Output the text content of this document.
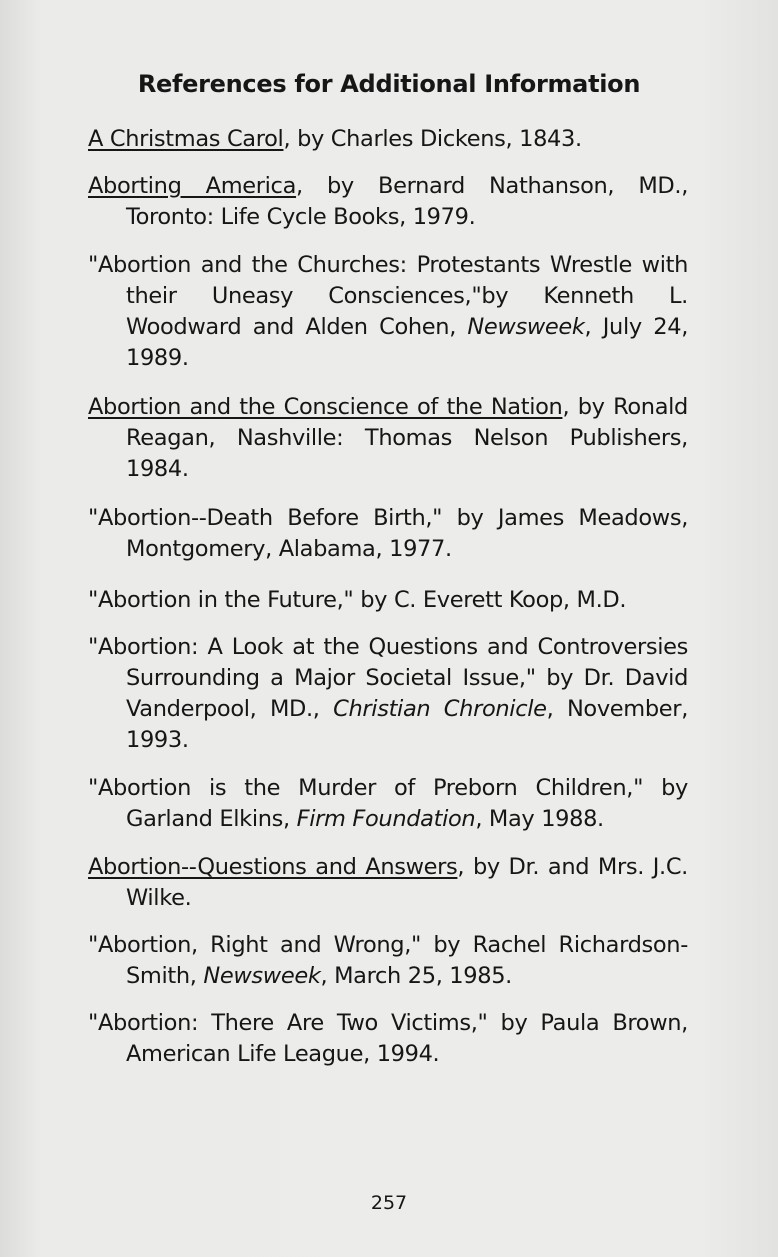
References for Additional Information

A Christmas Carol, by Charles Dickens, 1843.

Aborting America, by Bernard Nathanson, MD., Toronto: Life Cycle Books, 1979.

"Abortion and the Churches: Protestants Wrestle with their Uneasy Consciences,"by Kenneth L. Woodward and Alden Cohen, Newsweek, July 24, 1989.

Abortion and the Conscience of the Nation, by Ronald Reagan, Nashville: Thomas Nelson Publishers, 1984.

"Abortion--Death Before Birth," by James Meadows, Montgomery, Alabama, 1977.

"Abortion in the Future," by C. Everett Koop, M.D.

"Abortion: A Look at the Questions and Controversies Surrounding a Major Societal Issue," by Dr. David Vanderpool, MD., Christian Chronicle, November, 1993.

"Abortion is the Murder of Preborn Children," by Garland Elkins, Firm Foundation, May 1988.

Abortion--Questions and Answers, by Dr. and Mrs. J.C. Wilke.

"Abortion, Right and Wrong," by Rachel Richardson-Smith, Newsweek, March 25, 1985.

"Abortion: There Are Two Victims," by Paula Brown, American Life League, 1994.

257
